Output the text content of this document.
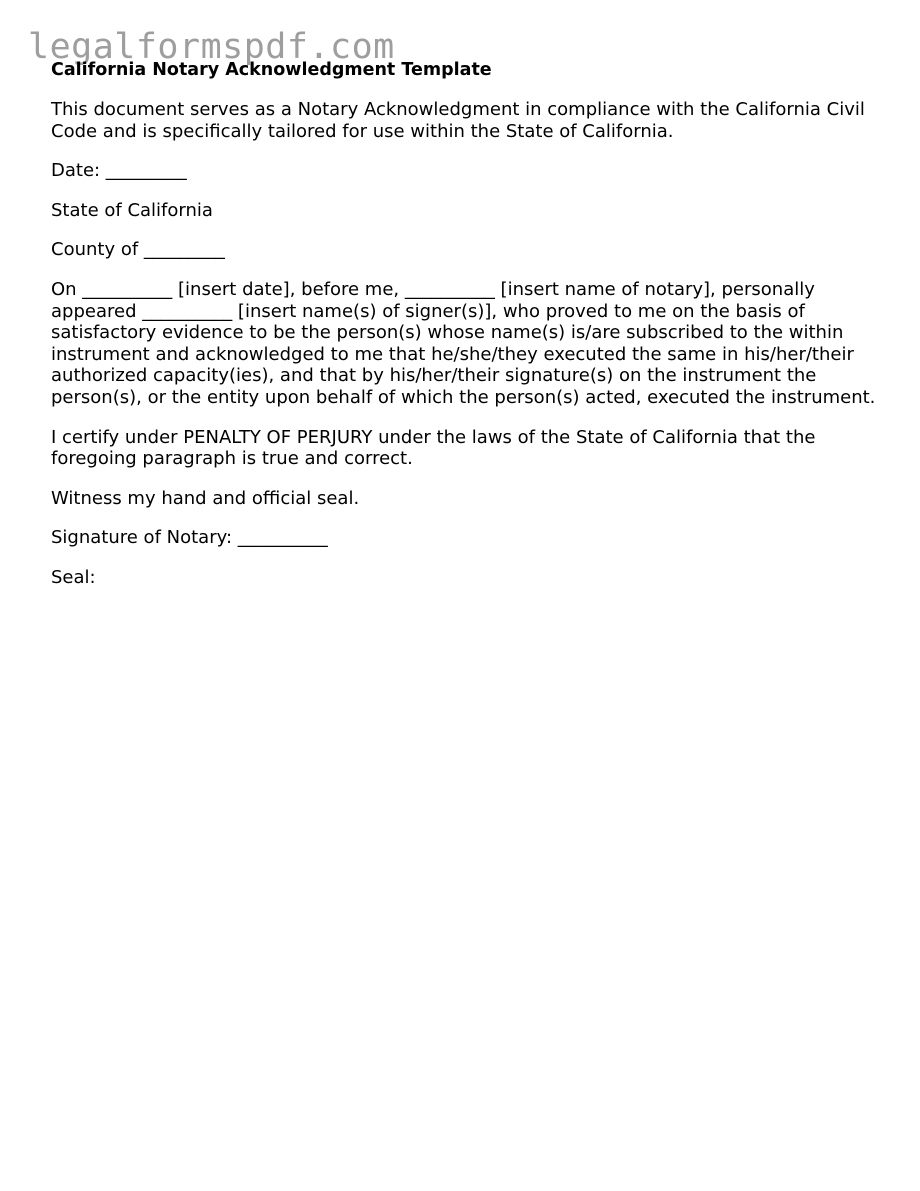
legalformspdf.com
California Notary Acknowledgment Template

This document serves as a Notary Acknowledgment in compliance with the California Civil Code and is specifically tailored for use within the State of California.

Date: _________

State of California

County of _________

On __________ [insert date], before me, __________ [insert name of notary], personally appeared __________ [insert name(s) of signer(s)], who proved to me on the basis of satisfactory evidence to be the person(s) whose name(s) is/are subscribed to the within instrument and acknowledged to me that he/she/they executed the same in his/her/their authorized capacity(ies), and that by his/her/their signature(s) on the instrument the person(s), or the entity upon behalf of which the person(s) acted, executed the instrument.

I certify under PENALTY OF PERJURY under the laws of the State of California that the foregoing paragraph is true and correct.

Witness my hand and official seal.

Signature of Notary: __________

Seal:
